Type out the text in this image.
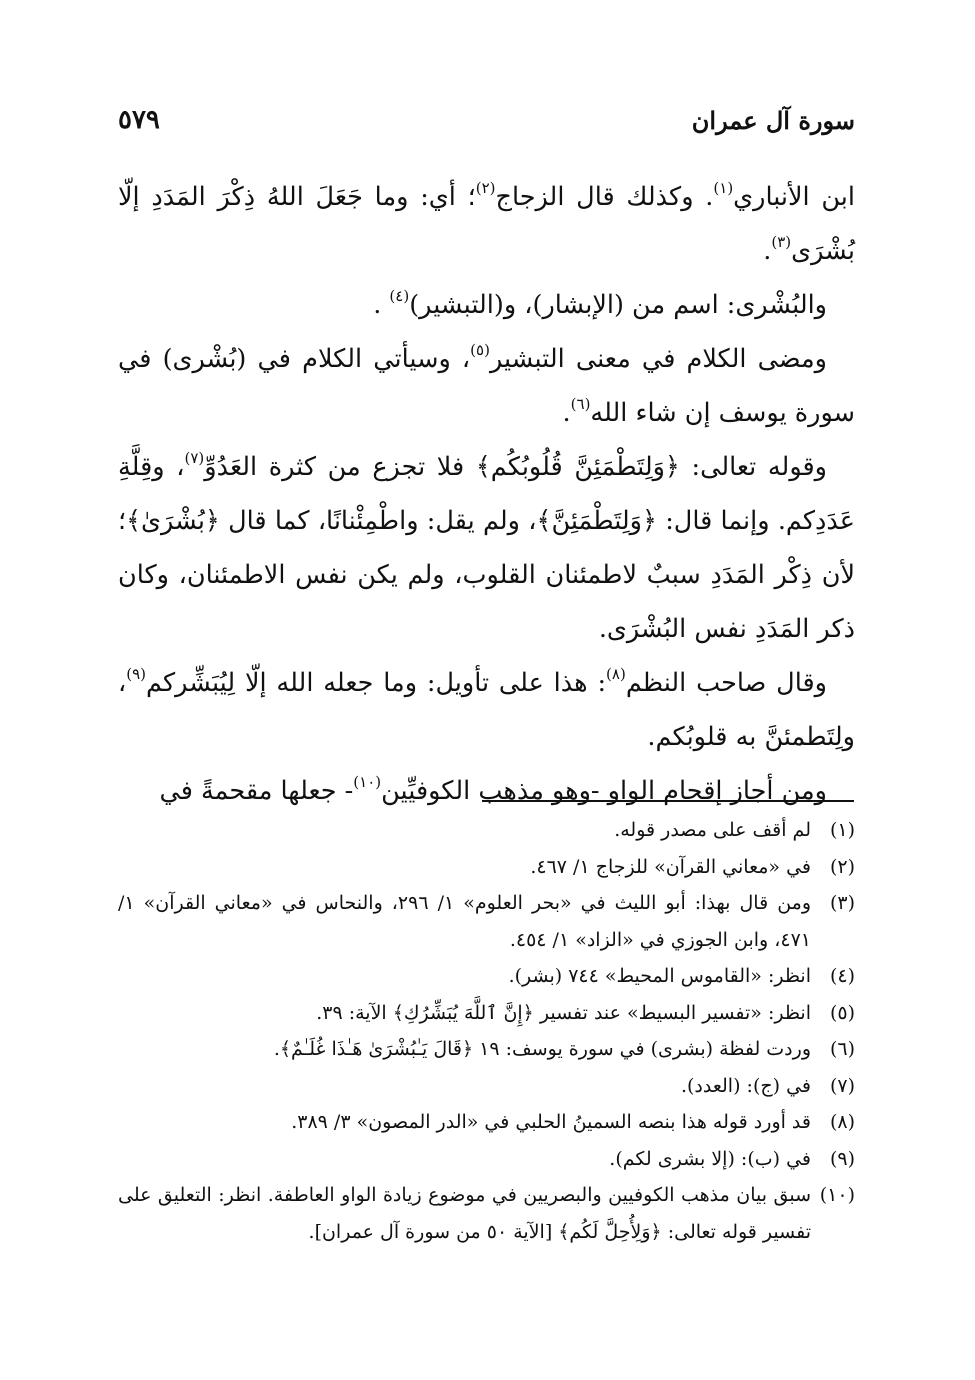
سورة آل عمران
٥٧٩

ابن الأنباري$^{(١)}$. وكذلك قال الزجاج$^{(٢)}$؛ أي: وما جَعَلَ اللهُ ذِكْرَ المَدَدِ إلّا بُشْرَى$^{(٣)}$.

والبُشْرى: اسم من (الإبشار)، و(التبشير)$^{(٤)}$ .

ومضى الكلام في معنى التبشير$^{(٥)}$، وسيأتي الكلام في (بُشْرى) في سورة يوسف إن شاء الله$^{(٦)}$.

وقوله تعالى: ﴿وَلِتَطْمَئِنَّ قُلُوبُكُم﴾ فلا تجزع من كثرة العَدُوِّ$^{(٧)}$، وقِلَّةِ عَدَدِكم. وإنما قال: ﴿وَلِتَطْمَئِنَّ﴾، ولم يقل: واطْمِئْنانًا، كما قال ﴿بُشْرَىٰ﴾؛ لأن ذِكْر المَدَدِ سببٌ لاطمئنان القلوب، ولم يكن نفس الاطمئنان، وكان ذكر المَدَدِ نفس البُشْرَى.

وقال صاحب النظم$^{(٨)}$: هذا على تأويل: وما جعله الله إلّا لِيُبَشِّركم$^{(٩)}$، ولِتَطمئنَّ به قلوبُكم.

ومن أجاز إقحام الواو -وهو مذهب الكوفيِّين$^{(١٠)}$- جعلها مقحمةً في

(١)
لم أقف على مصدر قوله.
(٢)
في «معاني القرآن» للزجاج ١/ ٤٦٧.
(٣)
ومن قال بهذا: أبو الليث في «بحر العلوم» ١/ ٢٩٦، والنحاس في «معاني القرآن» ١/ ٤٧١، وابن الجوزي في «الزاد» ١/ ٤٥٤.
(٤)
انظر: «القاموس المحيط» ٧٤٤ (بشر).
(٥)
انظر: «تفسير البسيط» عند تفسير ﴿إِنَّ ٱللَّهَ يُبَشِّرُكِ﴾ الآية: ٣٩.
(٦)
وردت لفظة (بشرى) في سورة يوسف: ١٩ ﴿قَالَ يَـٰبُشْرَىٰ هَـٰذَا غُلَـٰمٌ﴾.
(٧)
في (ج): (العدد).
(٨)
قد أورد قوله هذا بنصه السمينُ الحلبي في «الدر المصون» ٣/ ٣٨٩.
(٩)
في (ب): (إلا بشرى لكم).
(١٠)
سبق بيان مذهب الكوفيين والبصريين في موضوع زيادة الواو العاطفة. انظر: التعليق على تفسير قوله تعالى: ﴿وَلِأُحِلَّ لَكُم﴾ [الآية ٥٠ من سورة آل عمران].
